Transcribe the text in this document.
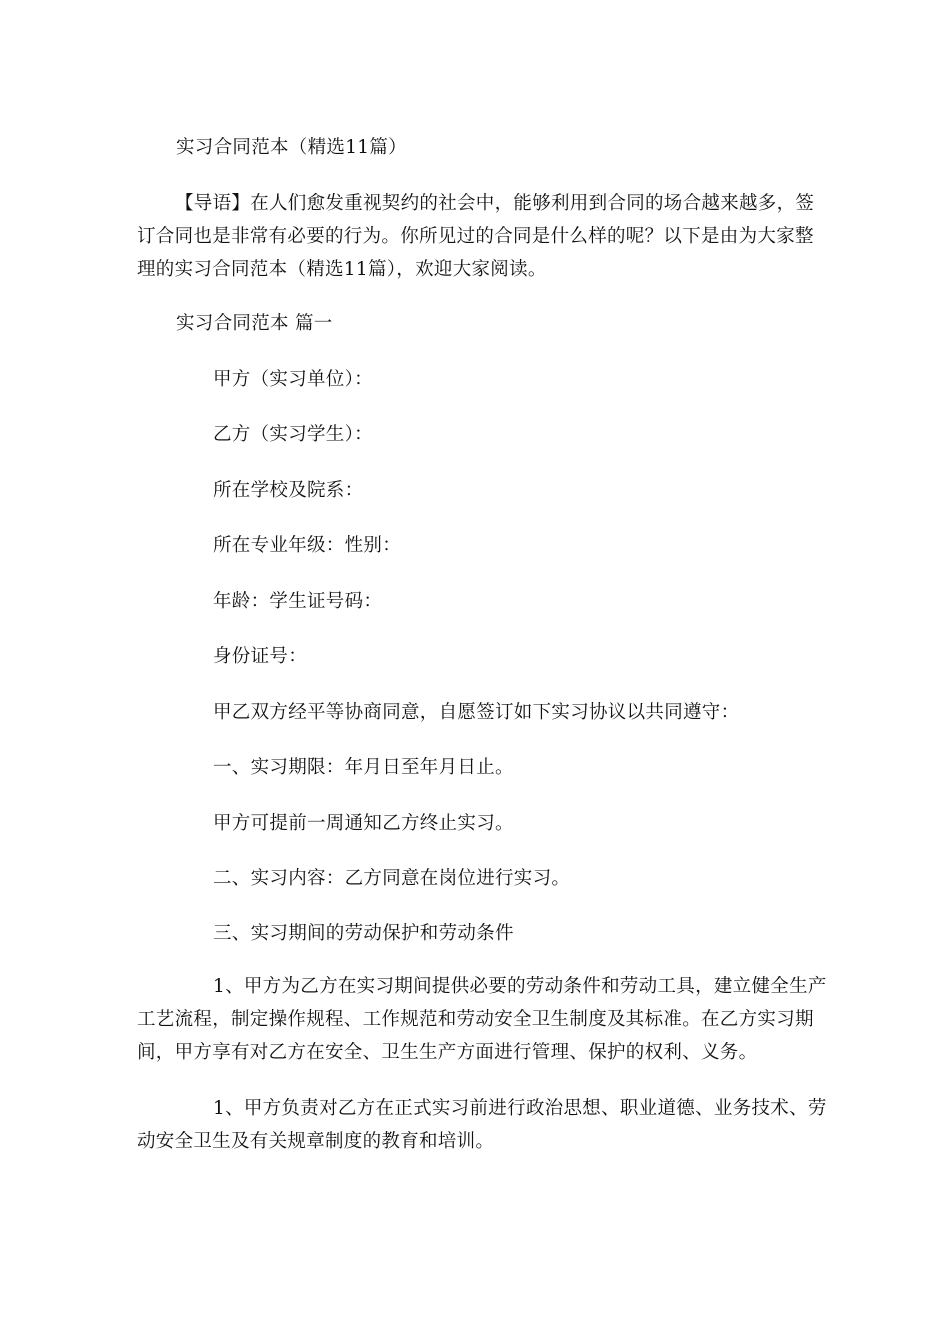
实习合同范本（精选11篇）
【导语】在人们愈发重视契约的社会中，能够利用到合同的场合越来越多，签订合同也是非常有必要的行为。你所见过的合同是什么样的呢？以下是由为大家整理的实习合同范本（精选11篇），欢迎大家阅读。
实习合同范本 篇一
甲方（实习单位）：
乙方（实习学生）：
所在学校及院系：
所在专业年级：性别：
年龄：学生证号码：
身份证号：
甲乙双方经平等协商同意，自愿签订如下实习协议以共同遵守：
一、实习期限：年月日至年月日止。
甲方可提前一周通知乙方终止实习。
二、实习内容：乙方同意在岗位进行实习。
三、实习期间的劳动保护和劳动条件
1、甲方为乙方在实习期间提供必要的劳动条件和劳动工具，建立健全生产工艺流程，制定操作规程、工作规范和劳动安全卫生制度及其标准。在乙方实习期间，甲方享有对乙方在安全、卫生生产方面进行管理、保护的权利、义务。
1、甲方负责对乙方在正式实习前进行政治思想、职业道德、业务技术、劳动安全卫生及有关规章制度的教育和培训。
